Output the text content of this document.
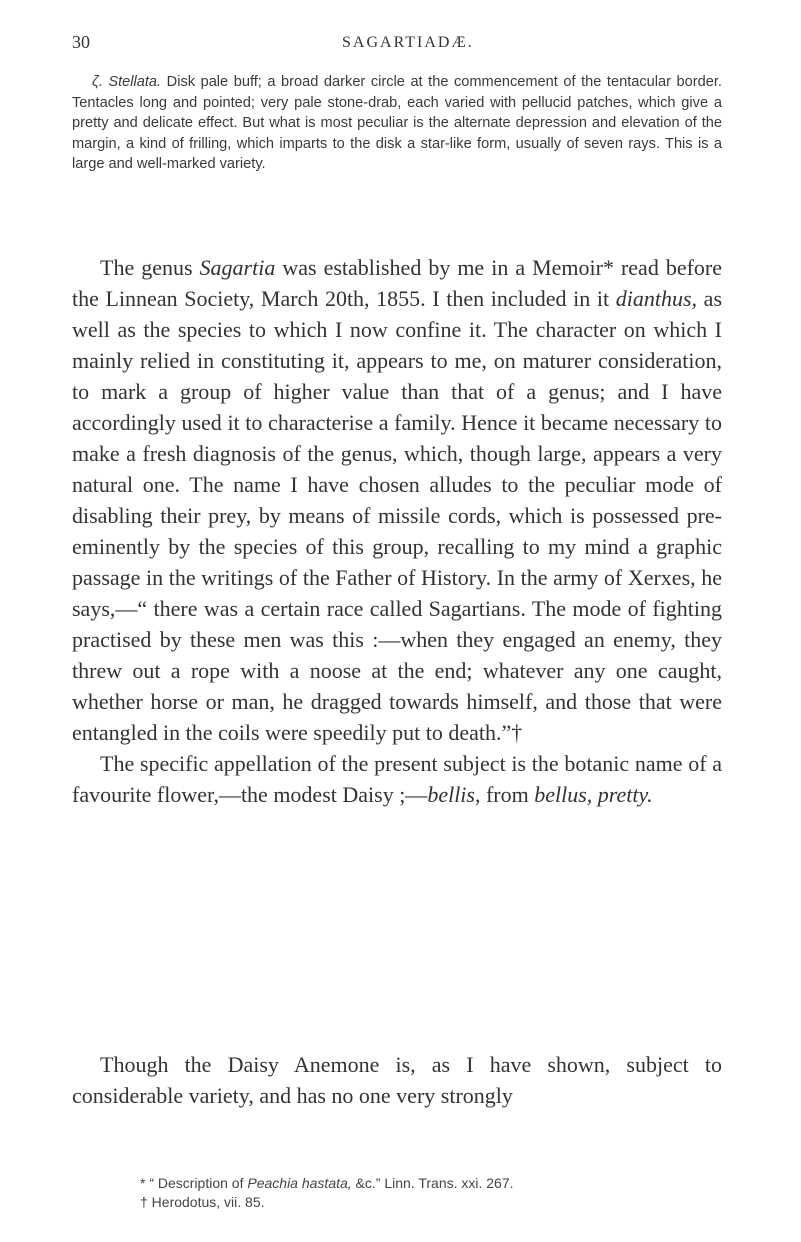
30	SAGARTIADÆ.
ζ. Stellata. Disk pale buff; a broad darker circle at the commencement of the tentacular border. Tentacles long and pointed; very pale stone-drab, each varied with pellucid patches, which give a pretty and delicate effect. But what is most peculiar is the alternate depression and elevation of the margin, a kind of frilling, which imparts to the disk a star-like form, usually of seven rays. This is a large and well-marked variety.

The genus Sagartia was established by me in a Memoir* read before the Linnean Society, March 20th, 1855. I then included in it dianthus, as well as the species to which I now confine it. The character on which I mainly relied in constituting it, appears to me, on maturer consideration, to mark a group of higher value than that of a genus; and I have accordingly used it to characterise a family. Hence it became necessary to make a fresh diagnosis of the genus, which, though large, appears a very natural one. The name I have chosen alludes to the peculiar mode of disabling their prey, by means of missile cords, which is possessed pre-eminently by the species of this group, recalling to my mind a graphic passage in the writings of the Father of History. In the army of Xerxes, he says,—“ there was a certain race called Sagartians. The mode of fighting practised by these men was this :—when they engaged an enemy, they threw out a rope with a noose at the end; whatever any one caught, whether horse or man, he dragged towards himself, and those that were entangled in the coils were speedily put to death.”†

The specific appellation of the present subject is the botanic name of a favourite flower,—the modest Daisy ;—bellis, from bellus, pretty.

Though the Daisy Anemone is, as I have shown, subject to considerable variety, and has no one very strongly

* “ Description of Peachia hastata, &c.” Linn. Trans. xxi. 267.
† Herodotus, vii. 85.
